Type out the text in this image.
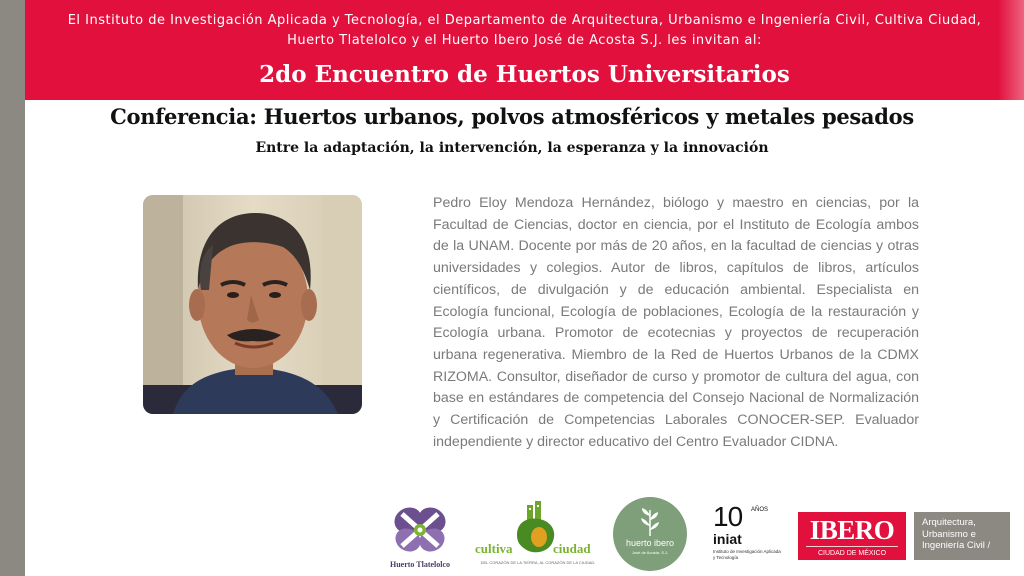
El Instituto de Investigación Aplicada y Tecnología, el Departamento de Arquitectura, Urbanismo e Ingeniería Civil, Cultiva Ciudad, Huerto Tlatelolco y el Huerto Ibero José de Acosta S.J. les invitan al:
2do Encuentro de Huertos Universitarios
Conferencia: Huertos urbanos, polvos atmosféricos y metales pesados
Entre la adaptación, la intervención, la esperanza y la innovación
Pedro Eloy Mendoza Hernández, biólogo y maestro en ciencias, por la Facultad de Ciencias, doctor en ciencia, por el Instituto de Ecología ambos de la UNAM. Docente por más de 20 años, en la facultad de ciencias y otras universidades y colegios. Autor de libros, capítulos de libros, artículos científicos, de divulgación y de educación ambiental. Especialista en Ecología funcional, Ecología de poblaciones, Ecología de la restauración y Ecología urbana. Promotor de ecotecnias y proyectos de recuperación urbana regenerativa. Miembro de la Red de Huertos Urbanos de la CDMX RIZOMA. Consultor, diseñador de curso y promotor de cultura del agua, con base en estándares de competencia del Consejo Nacional de Normalización y Certificación de Competencias Laborales CONOCER-SEP. Evaluador independiente y director educativo del Centro Evaluador CIDNA.
Huerto Tlatelolco
cultiva	ciudad
DEL CORAZÓN DE LA TIERRA, AL CORAZÓN DE LA CIUDAD.
huerto ibero
José de Acosta, S.J.
10 AÑOS
iniat
Instituto de Investigación Aplicada y Tecnología
IBERO
CIUDAD DE MÉXICO
Arquitectura, Urbanismo e Ingeniería Civil /
